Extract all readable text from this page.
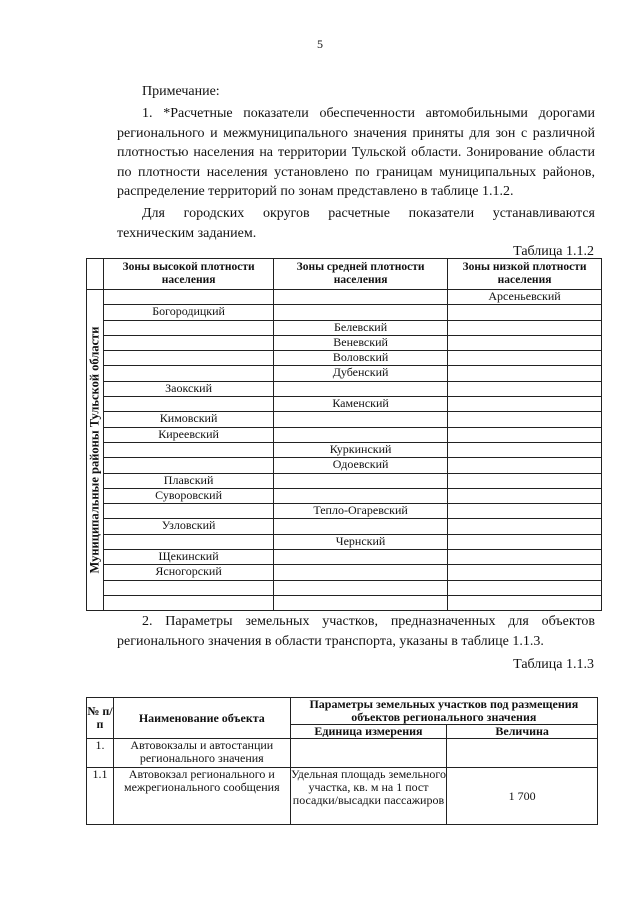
5
Примечание:
1. *Расчетные показатели обеспеченности автомобильными дорогами регионального и межмуниципального значения приняты для зон с различной плотностью населения на территории Тульской области. Зонирование области по плотности населения установлено по границам муниципальных районов, распределение территорий по зонам представлено в таблице 1.1.2.
Для городских округов расчетные показатели устанавливаются техническим заданием.
Таблица 1.1.2
	Зоны высокой плотности населения	Зоны средней плотности населения	Зоны низкой плотности населения

Муниципальные районы Тульской области			Арсеньевский
	Богородицкий		
		Белевский	
		Веневский	
		Воловский	
		Дубенский	
	Заокский		
		Каменский	
	Кимовский		
	Киреевский		
		Куркинский	
		Одоевский	
	Плавский		
	Суворовский		
		Тепло-Огаревский	
	Узловский		
		Чернский	
	Щекинский		
	Ясногорский		

2. Параметры земельных участков, предназначенных для объектов регионального значения в области транспорта, указаны в таблице 1.1.3.
Таблица 1.1.3
№ п/п	Наименование объекта	Параметры земельных участков под размещения объектов регионального значения	
		Единица измерения	Величина
1.	Автовокзалы и автостанции регионального значения		
1.1	Автовокзал регионального и межрегионального сообщения	Удельная площадь земельного участка, кв. м на 1 пост посадки/высадки пассажиров	1 700
